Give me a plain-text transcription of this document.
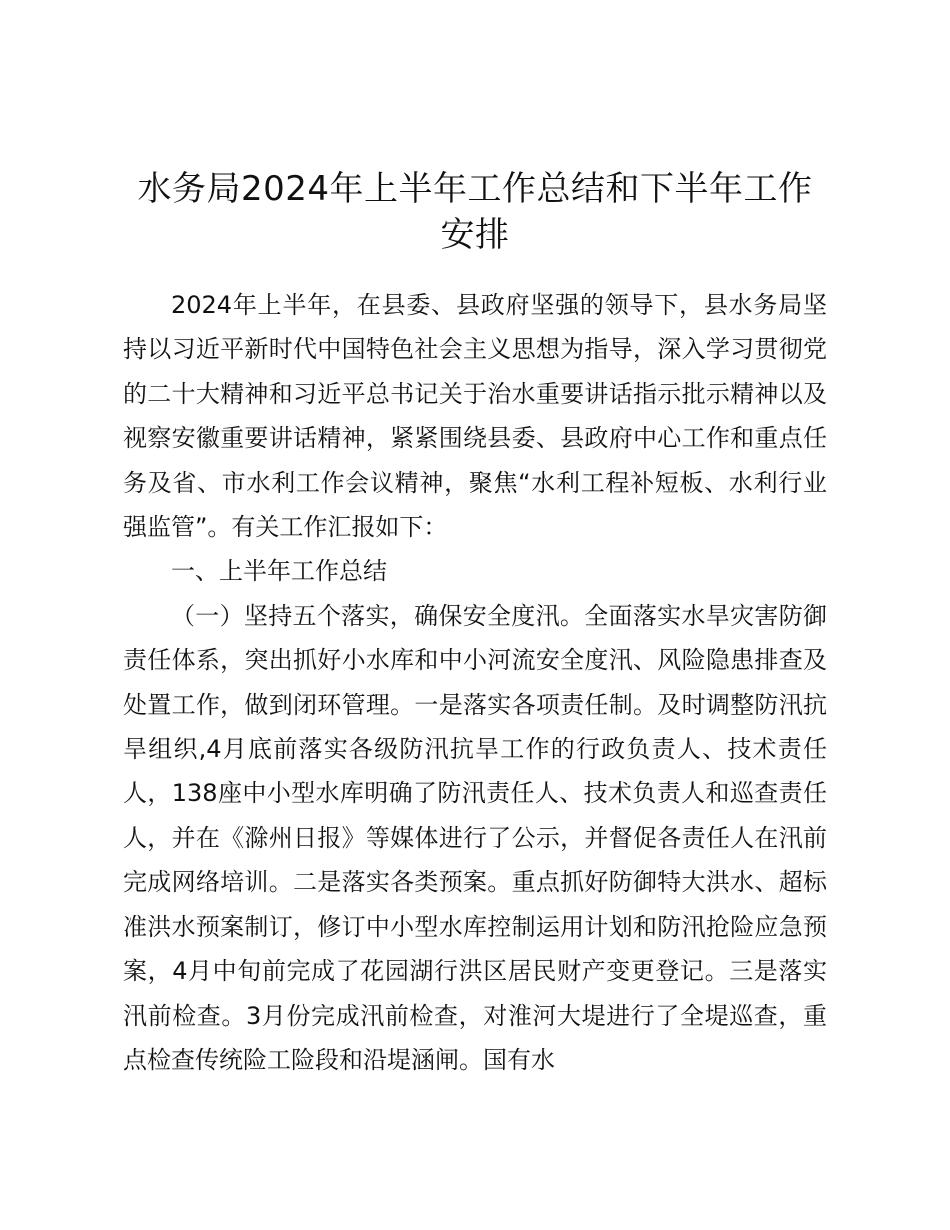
水务局2024年上半年工作总结和下半年工作
安排

2024年上半年，在县委、县政府坚强的领导下，县水务局坚持以习近平新时代中国特色社会主义思想为指导，深入学习贯彻党的二十大精神和习近平总书记关于治水重要讲话指示批示精神以及视察安徽重要讲话精神，紧紧围绕县委、县政府中心工作和重点任务及省、市水利工作会议精神，聚焦“水利工程补短板、水利行业强监管”。有关工作汇报如下：

一、上半年工作总结

（一）坚持五个落实，确保安全度汛。全面落实水旱灾害防御责任体系，突出抓好小水库和中小河流安全度汛、风险隐患排查及处置工作，做到闭环管理。一是落实各项责任制。及时调整防汛抗旱组织,4月底前落实各级防汛抗旱工作的行政负责人、技术责任人，138座中小型水库明确了防汛责任人、技术负责人和巡查责任人，并在《滁州日报》等媒体进行了公示，并督促各责任人在汛前完成网络培训。二是落实各类预案。重点抓好防御特大洪水、超标准洪水预案制订，修订中小型水库控制运用计划和防汛抢险应急预案，4月中旬前完成了花园湖行洪区居民财产变更登记。三是落实汛前检查。3月份完成汛前检查，对淮河大堤进行了全堤巡查，重点检查传统险工险段和沿堤涵闸。国有水
